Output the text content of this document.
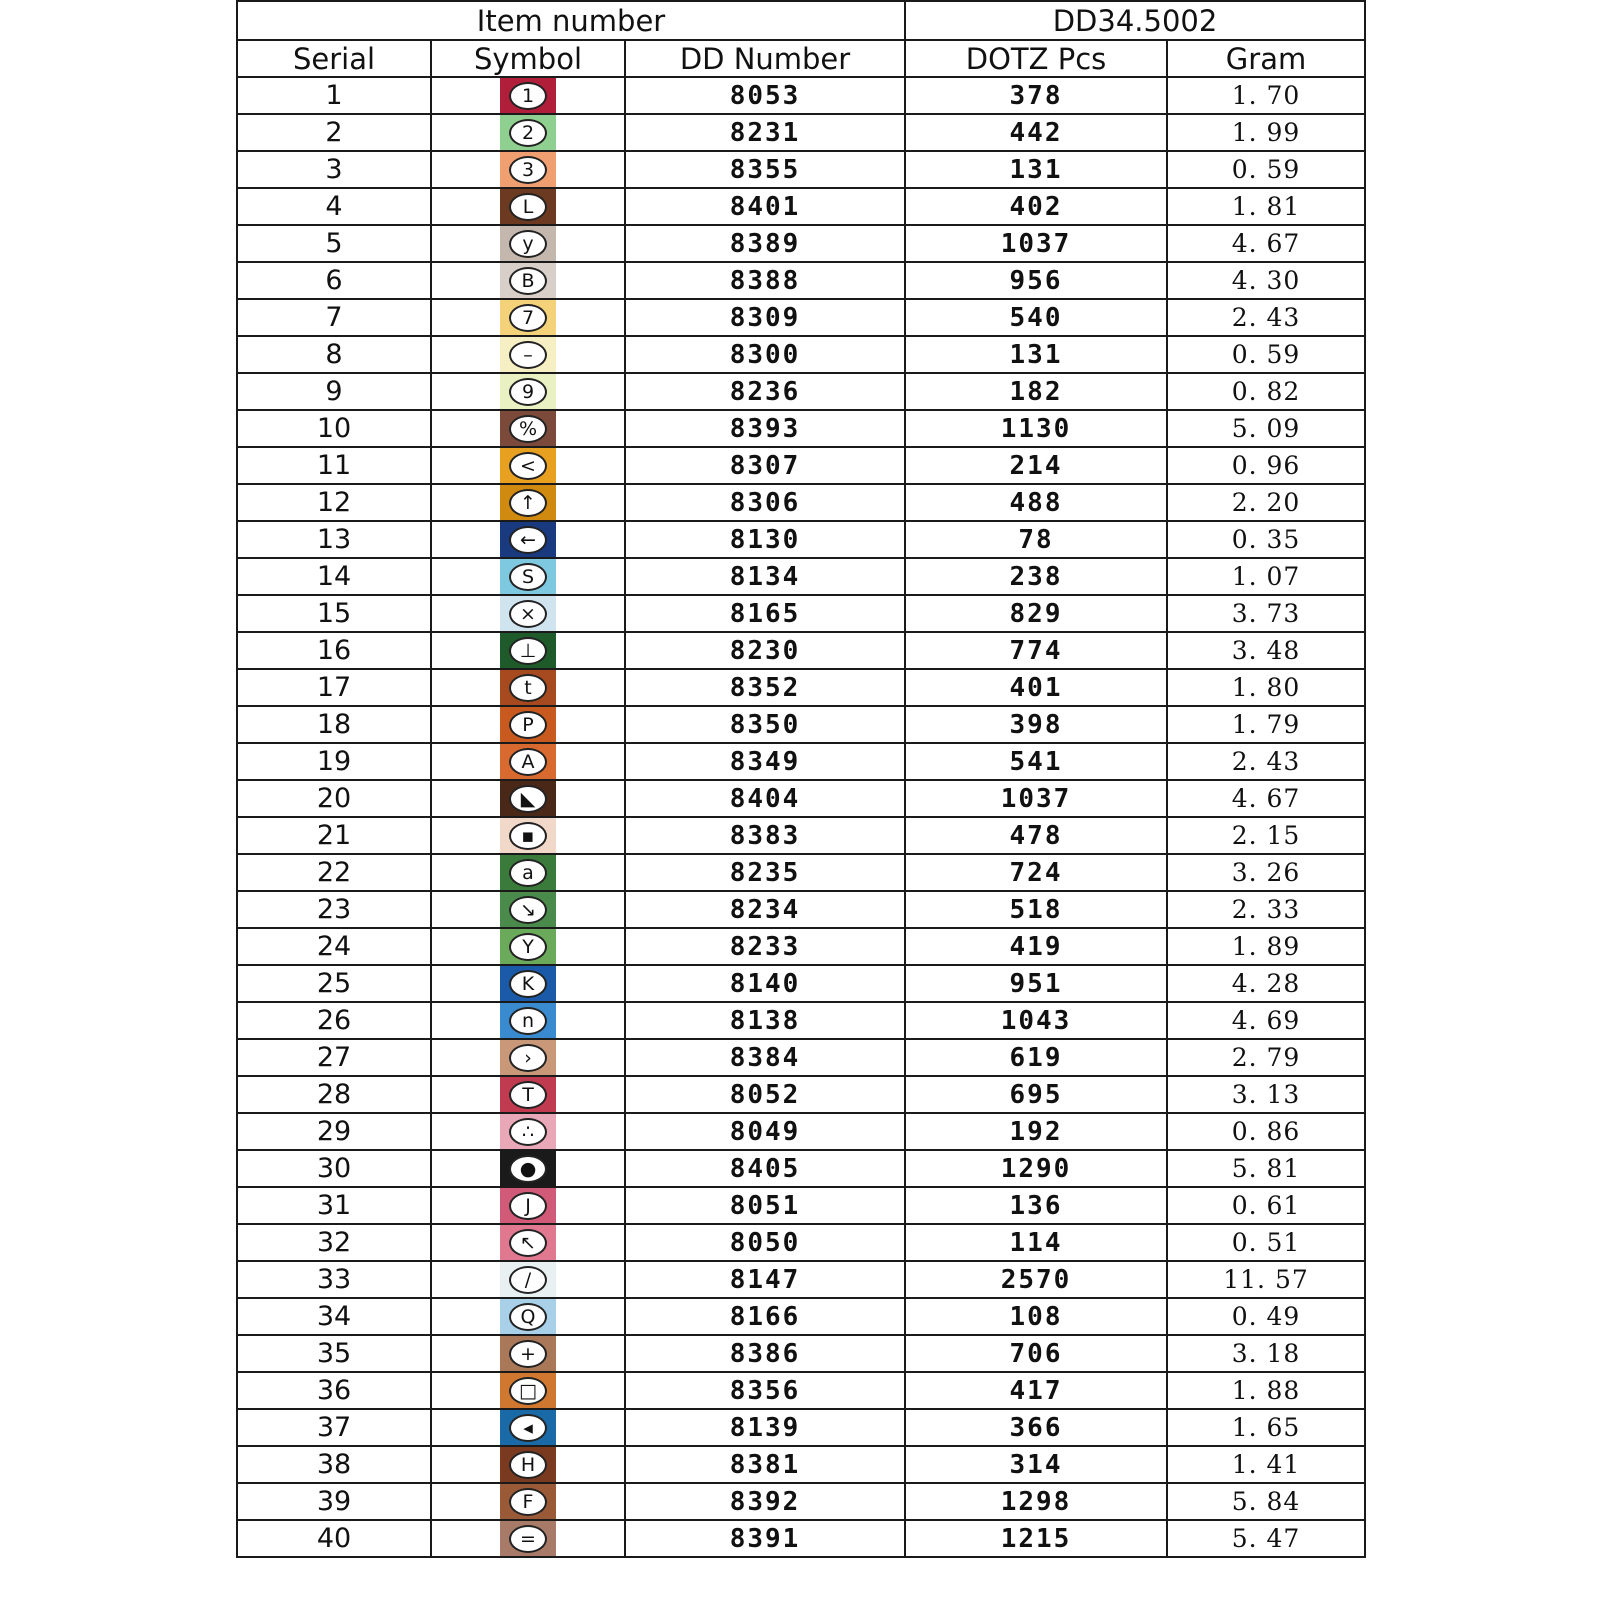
Item number			DD34.5002	
Serial	Symbol	DD Number	DOTZ Pcs	Gram
1	1	8053	378	1. 70
2	2	8231	442	1. 99
3	3	8355	131	0. 59
4	L	8401	402	1. 81
5	y	8389	1037	4. 67
6	B	8388	956	4. 30
7	7	8309	540	2. 43
8	–	8300	131	0. 59
9	9	8236	182	0. 82
10	%	8393	1130	5. 09
11	<	8307	214	0. 96
12	↑	8306	488	2. 20
13	←	8130	78	0. 35
14	S	8134	238	1. 07
15	×	8165	829	3. 73
16	⊥	8230	774	3. 48
17	t	8352	401	1. 80
18	P	8350	398	1. 79
19	A	8349	541	2. 43
20	◣	8404	1037	4. 67
21	▪	8383	478	2. 15
22	a	8235	724	3. 26
23	↘	8234	518	2. 33
24	Y	8233	419	1. 89
25	K	8140	951	4. 28
26	n	8138	1043	4. 69
27	›	8384	619	2. 79
28	T	8052	695	3. 13
29	∴	8049	192	0. 86
30	●	8405	1290	5. 81
31	J	8051	136	0. 61
32	↖	8050	114	0. 51
33	/	8147	2570	11. 57
34	Q	8166	108	0. 49
35	+	8386	706	3. 18
36	□	8356	417	1. 88
37	◂	8139	366	1. 65
38	H	8381	314	1. 41
39	F	8392	1298	5. 84
40	=	8391	1215	5. 47
